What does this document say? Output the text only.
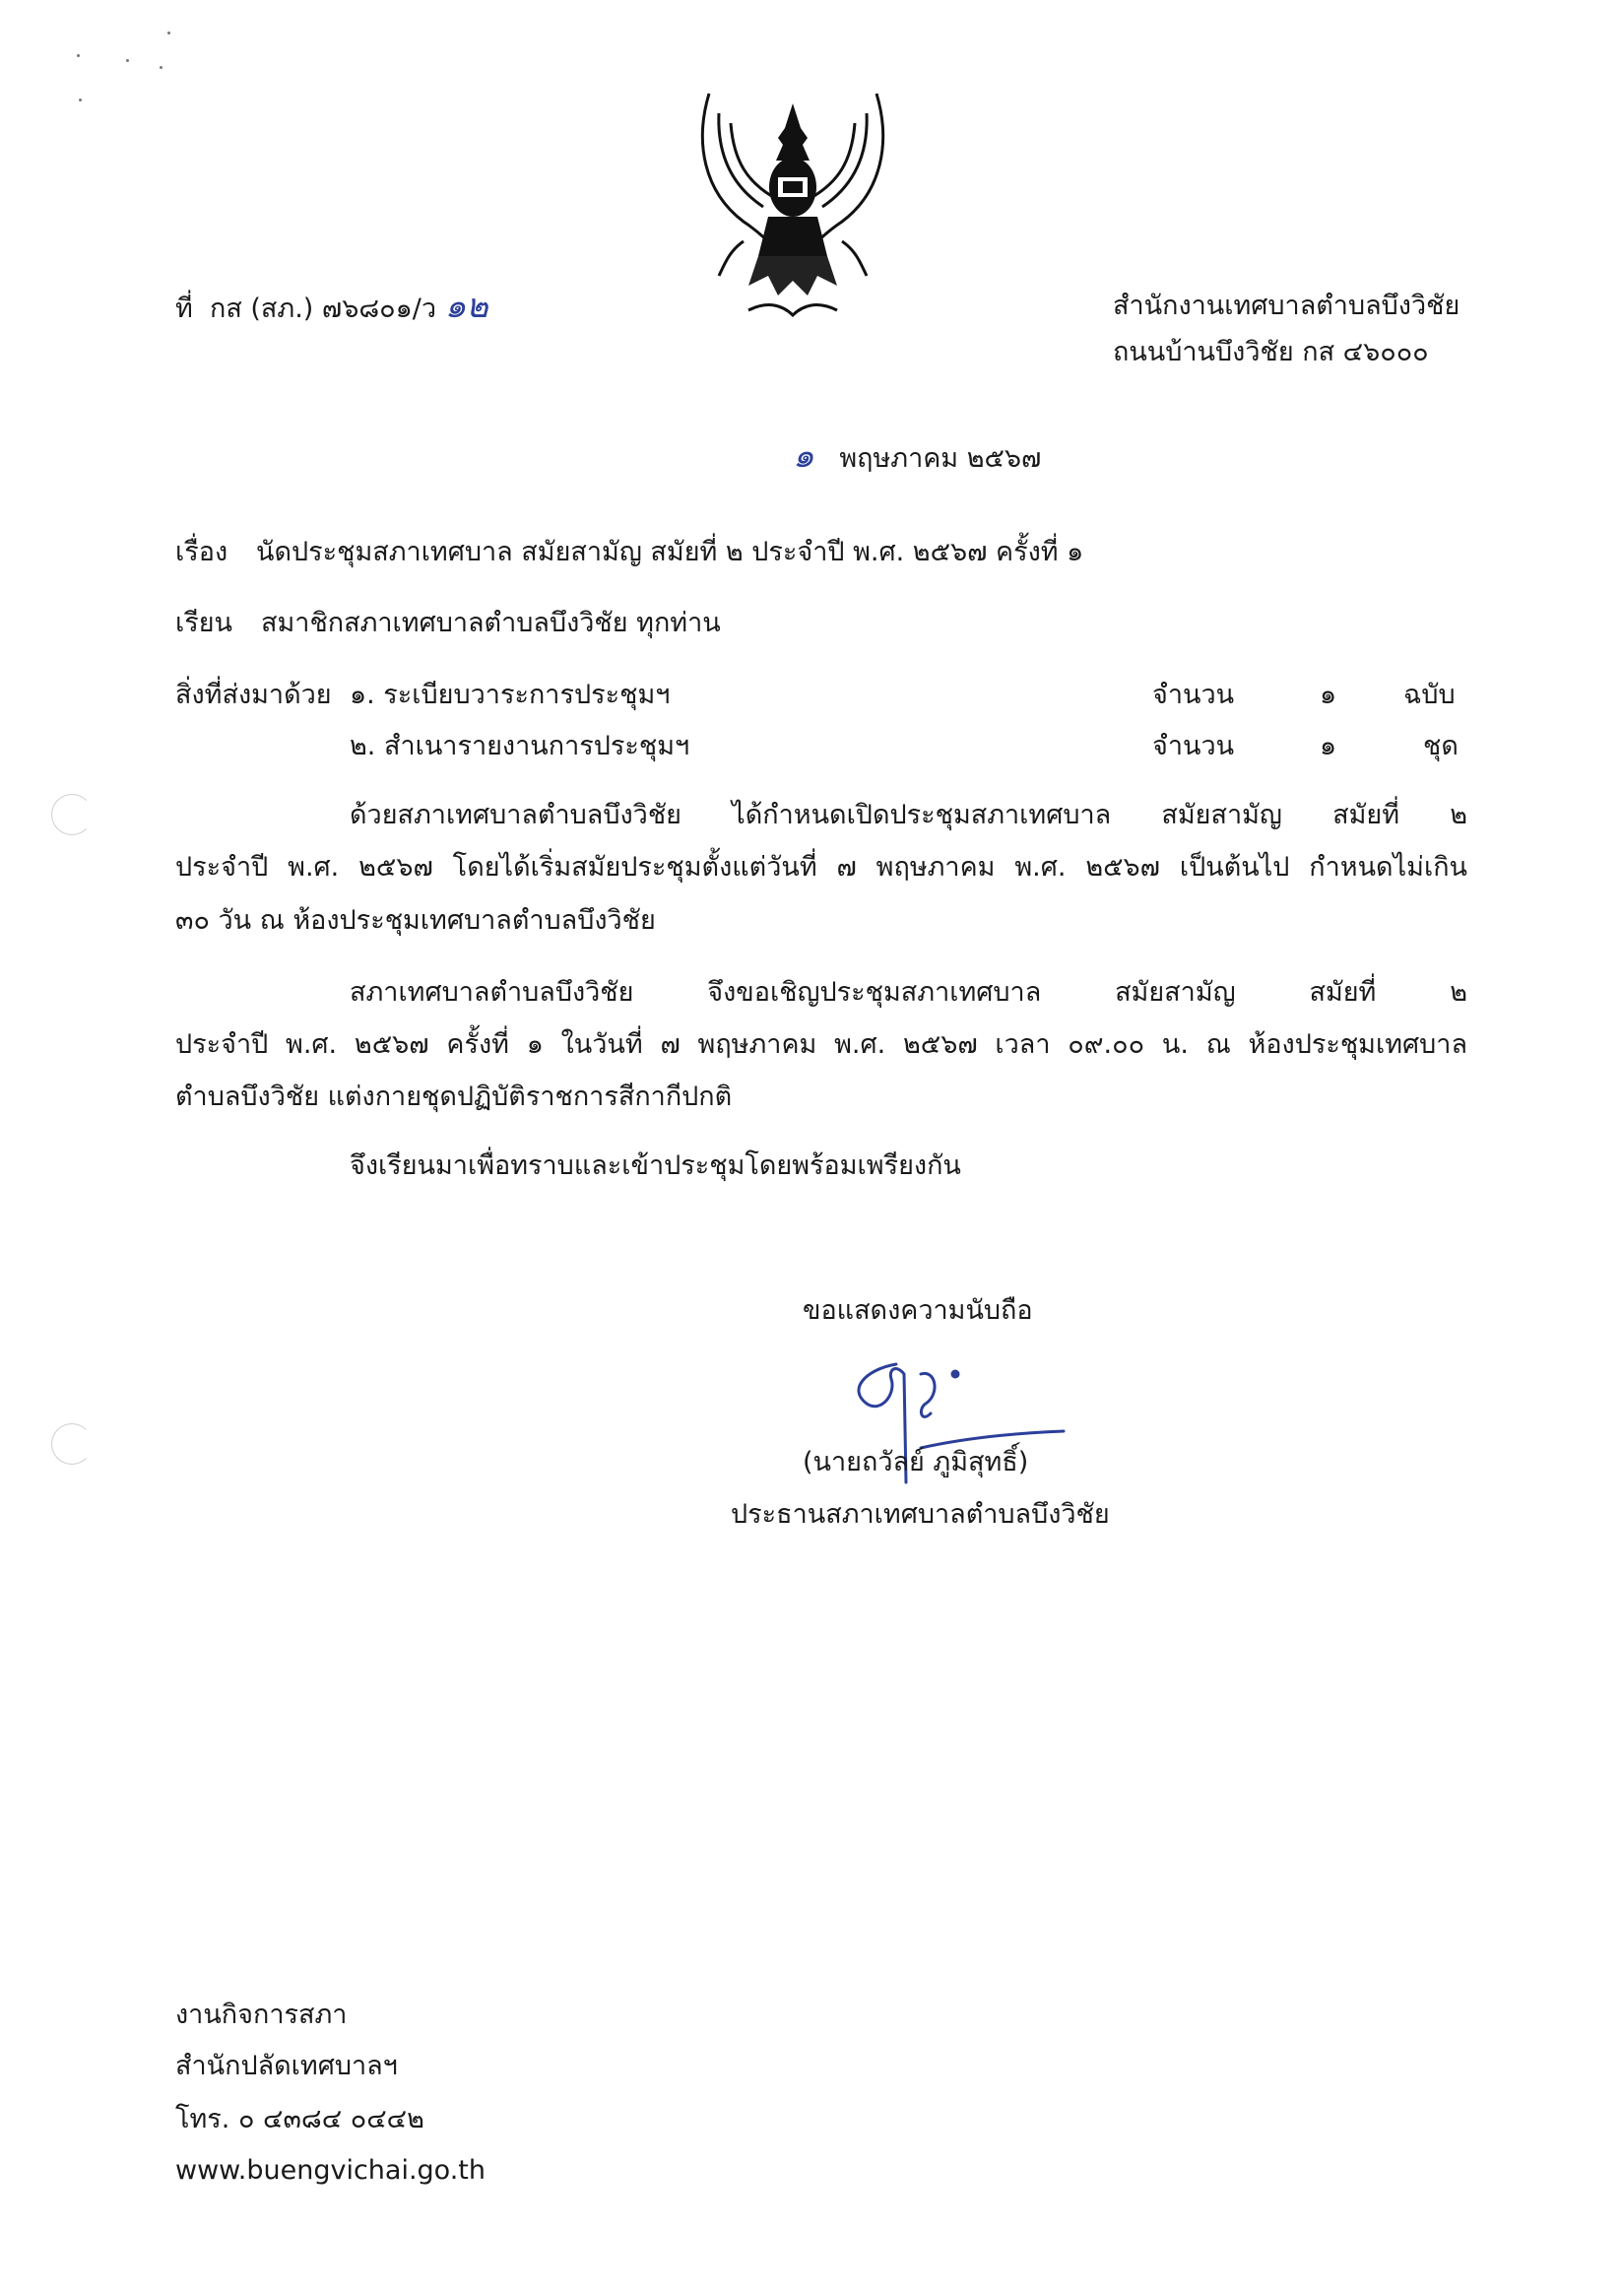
ที่ กส (สภ.) ๗๖๘๐๑/ว ๑๒	สำนักงานเทศบาลตำบลบึงวิชัย
ถนนบ้านบึงวิชัย กส ๔๖๐๐๐
๑ พฤษภาคม ๒๕๖๗
เรื่อง นัดประชุมสภาเทศบาล สมัยสามัญ สมัยที่ ๒ ประจำปี พ.ศ. ๒๕๖๗ ครั้งที่ ๑
เรียน สมาชิกสภาเทศบาลตำบลบึงวิชัย ทุกท่าน
สิ่งที่ส่งมาด้วย ๑. ระเบียบวาระการประชุมฯ	จำนวน	๑	ฉบับ
๒. สำเนารายงานการประชุมฯ	จำนวน	๑	ชุด
ด้วยสภาเทศบาลตำบลบึงวิชัย ได้กำหนดเปิดประชุมสภาเทศบาล สมัยสามัญ สมัยที่ ๒
ประจำปี พ.ศ. ๒๕๖๗ โดยได้เริ่มสมัยประชุมตั้งแต่วันที่ ๗ พฤษภาคม พ.ศ. ๒๕๖๗ เป็นต้นไป กำหนดไม่เกิน
๓๐ วัน ณ ห้องประชุมเทศบาลตำบลบึงวิชัย
สภาเทศบาลตำบลบึงวิชัย จึงขอเชิญประชุมสภาเทศบาล สมัยสามัญ สมัยที่ ๒
ประจำปี พ.ศ. ๒๕๖๗ ครั้งที่ ๑ ในวันที่ ๗ พฤษภาคม พ.ศ. ๒๕๖๗ เวลา ๐๙.๐๐ น. ณ ห้องประชุมเทศบาล
ตำบลบึงวิชัย แต่งกายชุดปฏิบัติราชการสีกากีปกติ
จึงเรียนมาเพื่อทราบและเข้าประชุมโดยพร้อมเพรียงกัน
ขอแสดงความนับถือ
(นายถวัลย์ ภูมิสุทธิ์)
ประธานสภาเทศบาลตำบลบึงวิชัย
งานกิจการสภา
สำนักปลัดเทศบาลฯ
โทร. ๐ ๔๓๘๔ ๐๔๔๒
www.buengvichai.go.th
